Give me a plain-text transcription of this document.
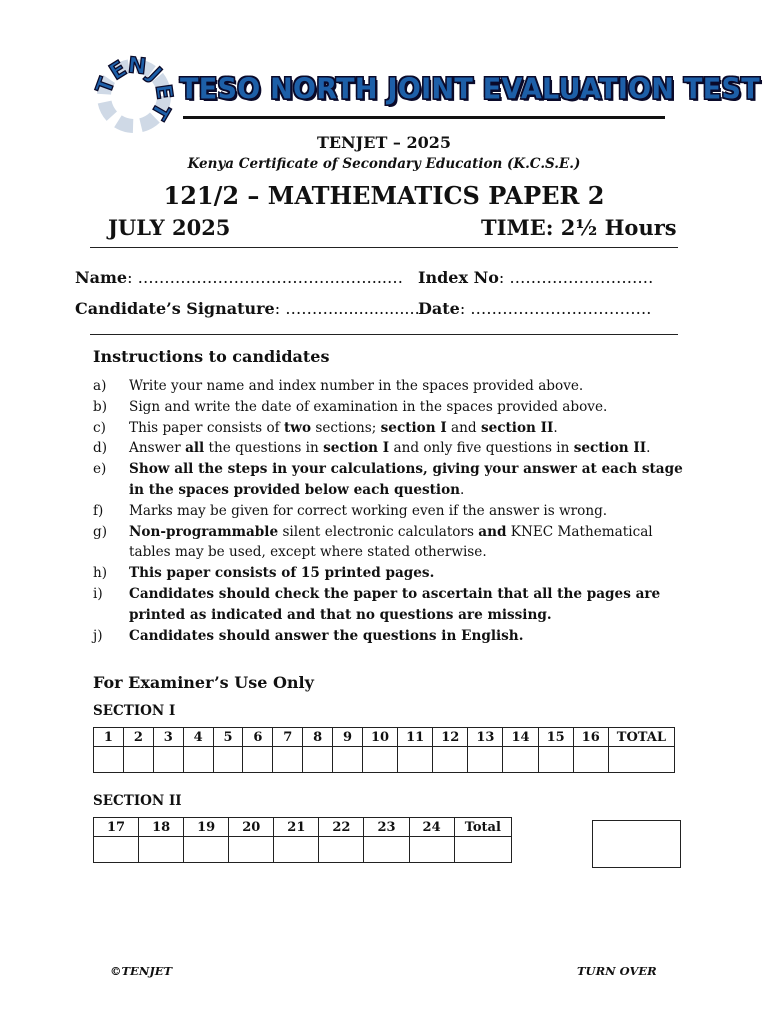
T
E
N
J
E
T
TESO NORTH JOINT EVALUATION TEST
TENJET – 2025
Kenya Certificate of Secondary Education (K.C.S.E.)
121/2 – MATHEMATICS PAPER 2
JULY 2025	TIME: 2½ Hours
Name: ……………………………….……....… Index No: ………………………
Candidate’s Signature: ………..................
Date: …………………………….
Instructions to candidates
a)	Write your name and index number in the spaces provided above.
b)	Sign and write the date of examination in the spaces provided above.
c)	This paper consists of two sections; section I and section II.
d)	Answer all the questions in section I and only five questions in section II.
e)	Show all the steps in your calculations, giving your answer at each stage in the spaces provided below each question.
f)	Marks may be given for correct working even if the answer is wrong.
g)	Non-programmable silent electronic calculators and KNEC Mathematical tables may be used, except where stated otherwise.
h)	This paper consists of 15 printed pages.
i)	Candidates should check the paper to ascertain that all the pages are printed as indicated and that no questions are missing.
j)	Candidates should answer the questions in English.
For Examiner’s Use Only
SECTION I
1	2	3	4	5	6	7	8	9	10	11	12	13	14	15	16	TOTAL

SECTION II
17	18	19	20	21	22	23	24	Total

©TENJET	TURN OVER
